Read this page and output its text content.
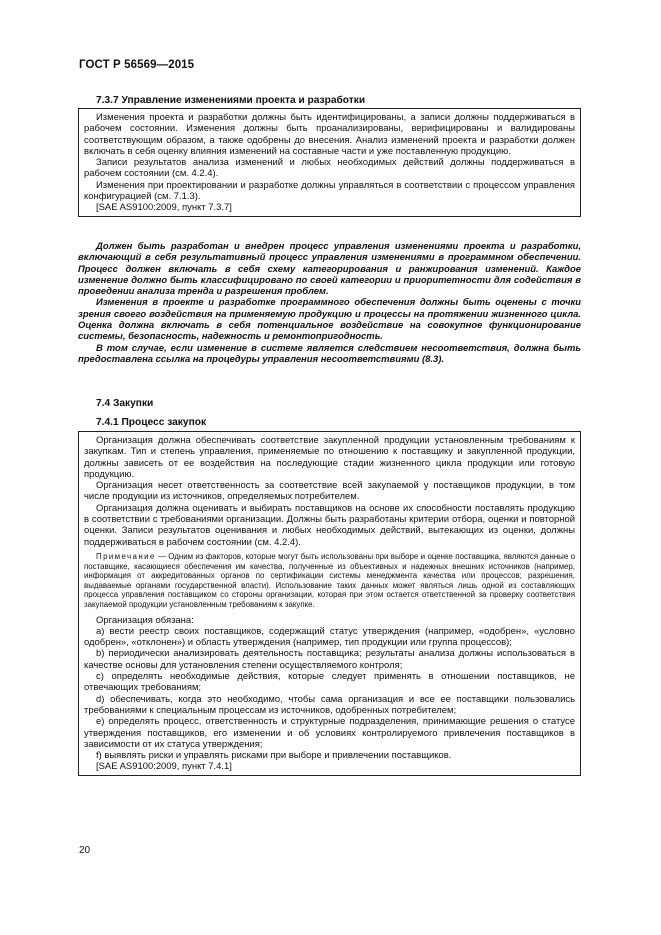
ГОСТ Р 56569—2015
7.3.7 Управление изменениями проекта и разработки

Изменения проекта и разработки должны быть идентифицированы, а записи должны поддерживаться в рабочем состоянии. Изменения должны быть проанализированы, верифицированы и валидированы соответствующим образом, а также одобрены до внесения. Анализ изменений проекта и разработки должен включать в себя оценку влияния изменений на составные части и уже поставленную продукцию.

Записи результатов анализа изменений и любых необходимых действий должны поддерживаться в рабочем состоянии (см. 4.2.4).

Изменения при проектировании и разработке должны управляться в соответствии с процессом управления конфигурацией (см. 7.1.3).

[SAE AS9100:2009, пункт 7.3.7]

Должен быть разработан и внедрен процесс управления изменениями проекта и разработки, включающий в себя результативный процесс управления изменениями в программном обеспечении. Процесс должен включать в себя схему категорирования и ранжирования изменений. Каждое изменение должно быть классифицировано по своей категории и приоритетности для содействия в проведении анализа тренда и разрешения проблем.

Изменения в проекте и разработке программного обеспечения должны быть оценены с точки зрения своего воздействия на применяемую продукцию и процессы на протяжении жизненного цикла. Оценка должна включать в себя потенциальное воздействие на совокупное функционирование системы, безопасность, надежность и ремонтопригодность.

В том случае, если изменение в системе является следствием несоответствия, должна быть предоставлена ссылка на процедуры управления несоответствиями (8.3).

7.4 Закупки
7.4.1 Процесс закупок

Организация должна обеспечивать соответствие закупленной продукции установленным требованиям к закупкам. Тип и степень управления, применяемые по отношению к поставщику и закупленной продукции, должны зависеть от ее воздействия на последующие стадии жизненного цикла продукции или готовую продукцию.

Организация несет ответственность за соответствие всей закупаемой у поставщиков продукции, в том числе продукции из источников, определяемых потребителем.

Организация должна оценивать и выбирать поставщиков на основе их способности поставлять продукцию в соответствии с требованиями организации. Должны быть разработаны критерии отбора, оценки и повторной оценки. Записи результатов оценивания и любых необходимых действий, вытекающих из оценки, должны поддерживаться в рабочем состоянии (см. 4.2.4).

Примечание — Одним из факторов, которые могут быть использованы при выборе и оценке поставщика, являются данные о поставщике, касающиеся обеспечения им качества, полученные из объективных и надежных внешних источников (например, информация от аккредитованных органов по сертификации системы менеджмента качества или процессов; разрешения, выдаваемые органами государственной власти). Использование таких данных может являться лишь одной из составляющих процесса управления поставщиком со стороны организации, которая при этом остается ответственной за проверку соответствия закупаемой продукции установленным требованиям к закупке.

Организация обязана:

a) вести реестр своих поставщиков, содержащий статус утверждения (например, «одобрен», «условно одобрен», «отклонен») и область утверждения (например, тип продукции или группа процессов);

b) периодически анализировать деятельность поставщика; результаты анализа должны использоваться в качестве основы для установления степени осуществляемого контроля;

c) определять необходимые действия, которые следует применять в отношении поставщиков, не отвечающих требованиям;

d) обеспечивать, когда это необходимо, чтобы сама организация и все ее поставщики пользовались требованиями к специальным процессам из источников, одобренных потребителем;

e) определять процесс, ответственность и структурные подразделения, принимающие решения о статусе утверждения поставщиков, его изменении и об условиях контролируемого привлечения поставщиков в зависимости от их статуса утверждения;

f) выявлять риски и управлять рисками при выборе и привлечении поставщиков.

[SAE AS9100:2009, пункт 7.4.1]

20
